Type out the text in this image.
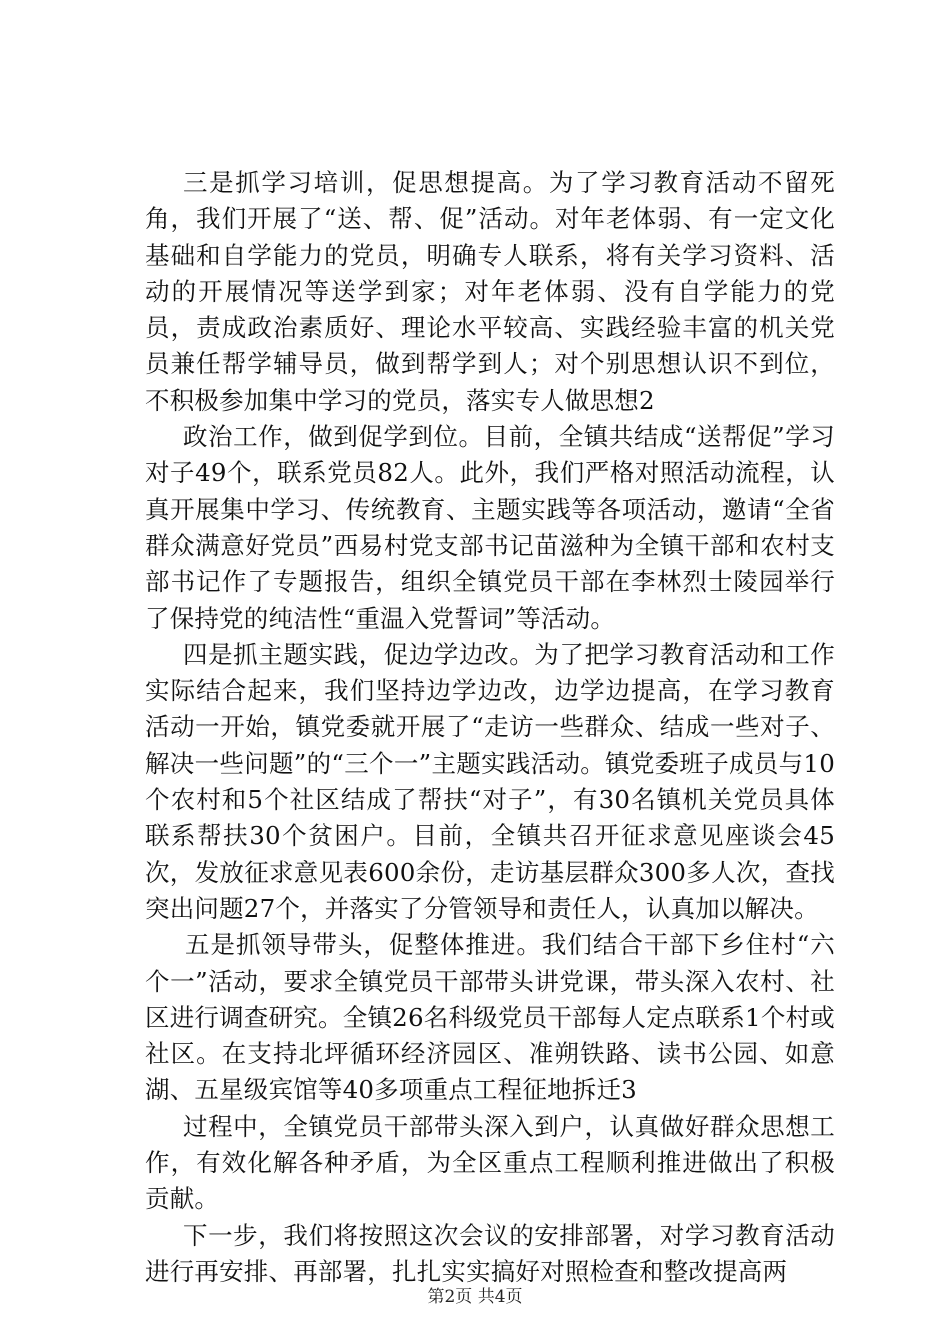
三是抓学习培训，促思想提高。为了学习教育活动不留死角，我们开展了“送、帮、促”活动。对年老体弱、有一定文化基础和自学能力的党员，明确专人联系，将有关学习资料、活动的开展情况等送学到家；对年老体弱、没有自学能力的党员，责成政治素质好、理论水平较高、实践经验丰富的机关党员兼任帮学辅导员，做到帮学到人；对个别思想认识不到位，不积极参加集中学习的党员，落实专人做思想2

政治工作，做到促学到位。目前，全镇共结成“送帮促”学习对子49个，联系党员82人。此外，我们严格对照活动流程，认真开展集中学习、传统教育、主题实践等各项活动，邀请“全省群众满意好党员”西易村党支部书记苗滋种为全镇干部和农村支部书记作了专题报告，组织全镇党员干部在李林烈士陵园举行了保持党的纯洁性“重温入党誓词”等活动。

四是抓主题实践，促边学边改。为了把学习教育活动和工作实际结合起来，我们坚持边学边改，边学边提高，在学习教育活动一开始，镇党委就开展了“走访一些群众、结成一些对子、解决一些问题”的“三个一”主题实践活动。镇党委班子成员与10个农村和5个社区结成了帮扶“对子”，有30名镇机关党员具体联系帮扶30个贫困户。目前，全镇共召开征求意见座谈会45次，发放征求意见表600余份，走访基层群众300多人次，查找突出问题27个，并落实了分管领导和责任人，认真加以解决。

五是抓领导带头，促整体推进。我们结合干部下乡住村“六个一”活动，要求全镇党员干部带头讲党课，带头深入农村、社区进行调查研究。全镇26名科级党员干部每人定点联系1个村或社区。在支持北坪循环经济园区、准朔铁路、读书公园、如意湖、五星级宾馆等40多项重点工程征地拆迁3

过程中，全镇党员干部带头深入到户，认真做好群众思想工作，有效化解各种矛盾，为全区重点工程顺利推进做出了积极贡献。

下一步，我们将按照这次会议的安排部署，对学习教育活动进行再安排、再部署，扎扎实实搞好对照检查和整改提高两

第2页 共4页
